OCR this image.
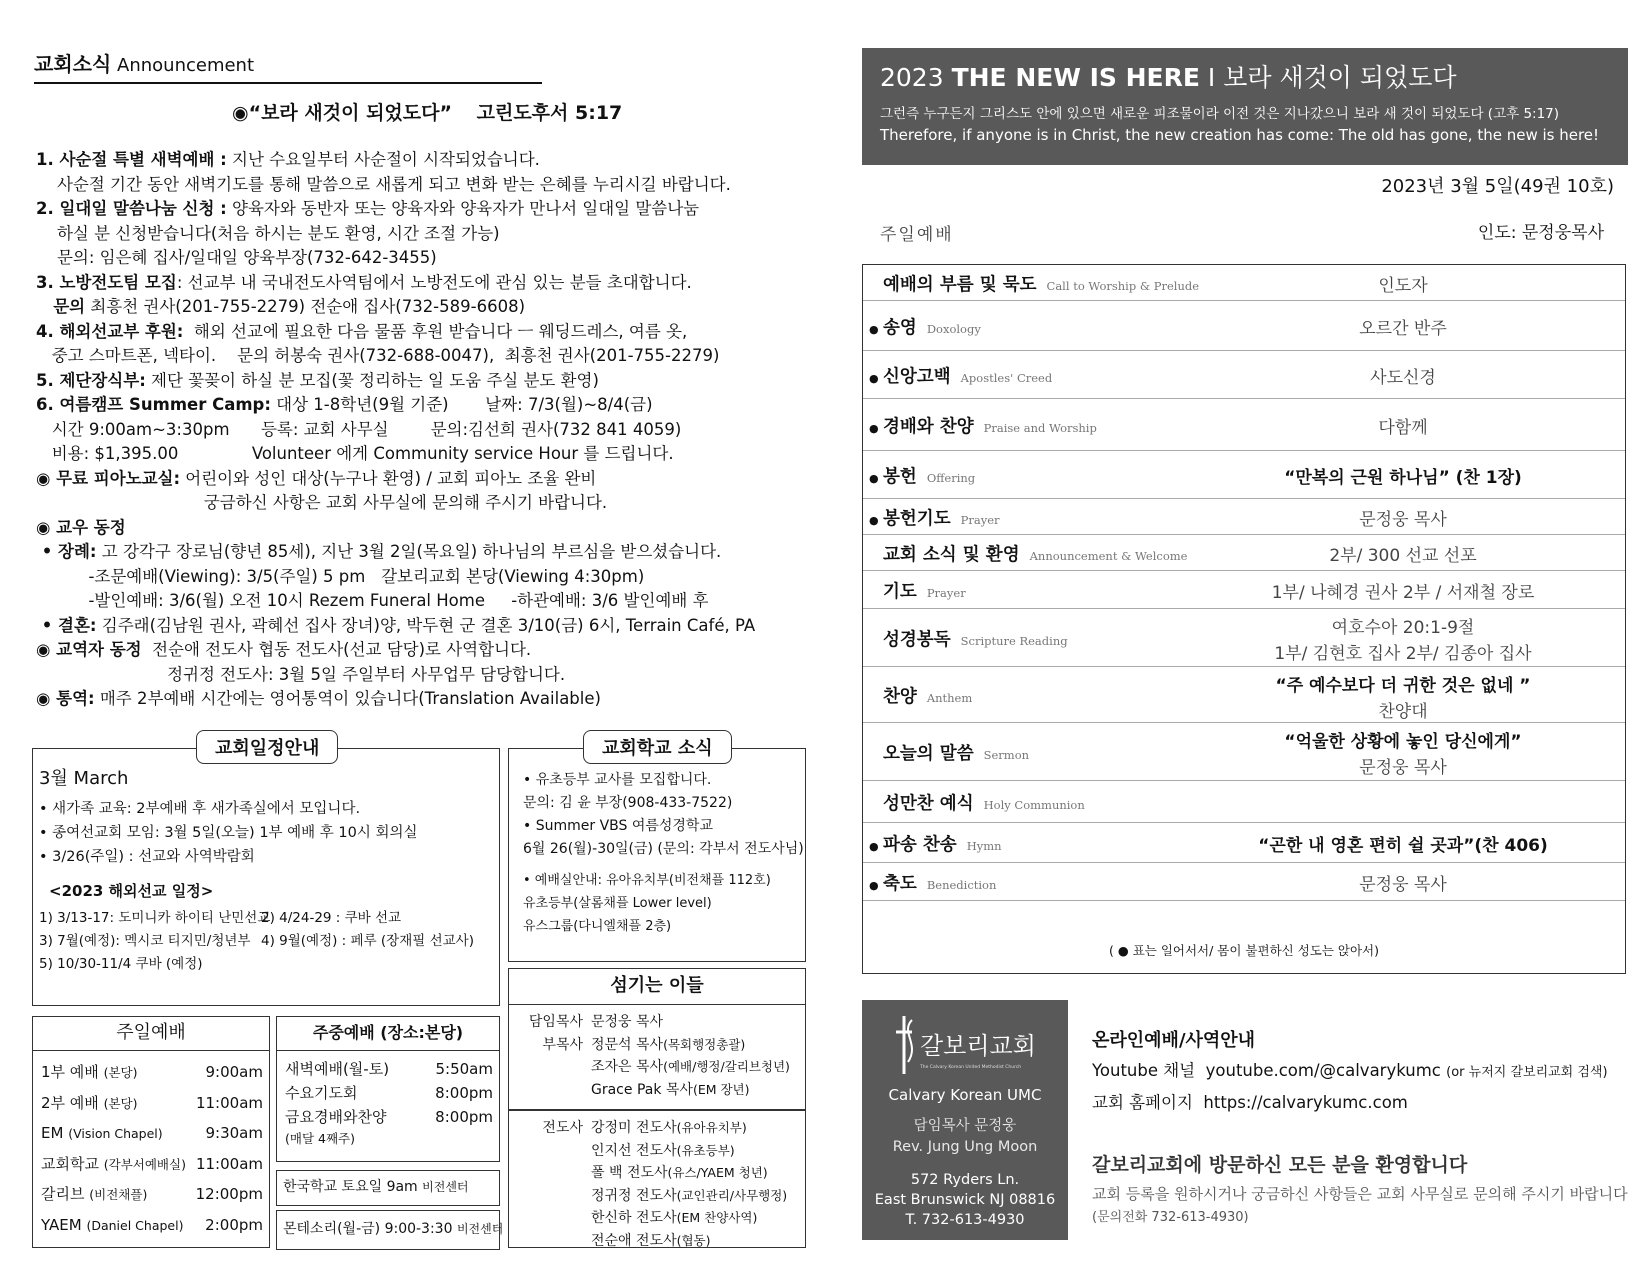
교회소식 Announcement
◉“보라 새것이 되었도다” 고린도후서 5:17
1. 사순절 특별 새벽예배 : 지난 수요일부터 사순절이 시작되었습니다.
사순절 기간 동안 새벽기도를 통해 말씀으로 새롭게 되고 변화 받는 은혜를 누리시길 바랍니다.
2. 일대일 말씀나눔 신청 : 양육자와 동반자 또는 양육자와 양육자가 만나서 일대일 말씀나눔
하실 분 신청받습니다(처음 하시는 분도 환영, 시간 조절 가능)
문의: 임은혜 집사/일대일 양육부장(732-642-3455)
3. 노방전도팀 모집: 선교부 내 국내전도사역팀에서 노방전도에 관심 있는 분들 초대합니다.
문의 최흥천 권사(201-755-2279) 전순애 집사(732-589-6608)
4. 해외선교부 후원:  해외 선교에 필요한 다음 물품 후원 받습니다 ㅡ 웨딩드레스, 여름 옷,
중고 스마트폰, 넥타이.    문의 허봉숙 권사(732-688-0047),  최흥천 권사(201-755-2279)
5. 제단장식부: 제단 꽃꽂이 하실 분 모집(꽃 정리하는 일 도움 주실 분도 환영)
6. 여름캠프 Summer Camp: 대상 1-8학년(9월 기준)       날짜: 7/3(월)~8/4(금)
시간 9:00am~3:30pm      등록: 교회 사무실        문의:김선희 권사(732 841 4059)
비용: $1,395.00              Volunteer 에게 Community service Hour 를 드립니다.
◉ 무료 피아노교실: 어린이와 성인 대상(누구나 환영) / 교회 피아노 조율 완비
궁금하신 사항은 교회 사무실에 문의해 주시기 바랍니다.
◉ 교우 동정
• 장례: 고 강각구 장로님(향년 85세), 지난 3월 2일(목요일) 하나님의 부르심을 받으셨습니다.
-조문예배(Viewing): 3/5(주일) 5 pm   갈보리교회 본당(Viewing 4:30pm)
-발인예배: 3/6(월) 오전 10시 Rezem Funeral Home     -하관예배: 3/6 발인예배 후
• 결혼: 김주래(김남원 권사, 곽혜선 집사 장녀)양, 박두현 군 결혼 3/10(금) 6시, Terrain Café, PA
◉ 교역자 동정  전순애 전도사 협동 전도사(선교 담당)로 사역합니다.
정귀정 전도사: 3월 5일 주일부터 사무업무 담당합니다.
◉ 통역: 매주 2부예배 시간에는 영어통역이 있습니다(Translation Available)
3월 March
• 새가족 교육: 2부예배 후 새가족실에서 모입니다.
• 종여선교회 모임: 3월 5일(오늘) 1부 예배 후 10시 회의실
• 3/26(주일) : 선교와 사역박람회
<2023 해외선교 일정>
1) 3/13-17: 도미니카 하이티 난민선교2) 4/24-29 : 쿠바 선교
3) 7월(예정): 멕시코 티지민/청년부 4) 9월(예정) : 페루 (장재필 선교사)
5) 10/30-11/4 쿠바 (예정)
교회일정안내
• 유초등부 교사를 모집합니다.
문의: 김 윤 부장(908-433-7522)
• Summer VBS 여름성경학교
6월 26(월)-30일(금) (문의: 각부서 전도사님)
• 예배실안내: 유아유치부(비전채플 112호)
유초등부(살롬채플 Lower level)
유스그룹(다니엘채플 2층)
교회학교 소식
섬기는 이들
담임목사 문정웅 목사
부목사 정문석 목사(목회행정총괄)
조자은 목사(예배/행정/갈리브청년)
Grace Pak 목사(EM 장년)
전도사 강정미 전도사(유아유치부)
인지선 전도사(유초등부)
폴 백 전도사(유스/YAEM 청년)
정귀정 전도사(교인관리/사무행정)
한신하 전도사(EM 찬양사역)
전순애 전도사(협동)
주일예배
1부 예배 (본당)	9:00am
2부 예배 (본당)	11:00am
EM (Vision Chapel)	9:30am
교회학교 (각부서예배실) 11:00am
갈리브 (비전채플)	12:00pm
YAEM (Daniel Chapel) 2:00pm
주중예배 (장소:본당)
새벽예배(월-토)	5:50am
수요기도회	8:00pm
금요경배와찬양	8:00pm
(매달 4째주)
한국학교 토요일 9am 비전센터
몬테소리(월-금) 9:00-3:30 비전센터
2023 THE NEW IS HERE I 보라 새것이 되었도다
그런즉 누구든지 그리스도 안에 있으면 새로운 피조물이라 이전 것은 지나갔으니 보라 새 것이 되었도다 (고후 5:17)
Therefore, if anyone is in Christ, the new creation has come: The old has gone, the new is here!
2023년 3월 5일(49권 10호)
주일예배	인도: 문정웅목사
예배의 부름 및 묵도 Call to Worship & Prelude	인도자
● 송영 Doxology	오르간 반주
● 신앙고백 Apostles' Creed	사도신경
● 경배와 찬양 Praise and Worship	다함께
● 봉헌 Offering	“만복의 근원 하나님” (찬 1장)
● 봉헌기도 Prayer	문정웅 목사
교회 소식 및 환영 Announcement & Welcome	2부/ 300 선교 선포
기도 Prayer	1부/ 나혜경 권사 2부 / 서재철 장로
성경봉독 Scripture Reading
여호수아 20:1-9절
1부/ 김현호 집사 2부/ 김종아 집사
찬양 Anthem
“주 예수보다 더 귀한 것은 없네 ”
찬양대
오늘의 말씀 Sermon
“억울한 상황에 놓인 당신에게”
문정웅 목사
성만찬 예식 Holy Communion
● 파송 찬송 Hymn	“곤한 내 영혼 편히 쉴 곳과”(찬 406)
● 축도 Benediction	문정웅 목사
( ● 표는 일어서서/ 몸이 불편하신 성도는 앉아서)
갈보리교회
The Calvary Korean United Methodist Church
Calvary Korean UMC
담임목사 문정웅
Rev. Jung Ung Moon
572 Ryders Ln.
East Brunswick NJ 08816
T. 732-613-4930
온라인예배/사역안내
Youtube 채널 youtube.com/@calvarykumc (or 뉴저지 갈보리교회 검색)
교회 홈페이지 https://calvarykumc.com
갈보리교회에 방문하신 모든 분을 환영합니다
교회 등록을 원하시거나 궁금하신 사항들은 교회 사무실로 문의해 주시기 바랍니다
(문의전화 732-613-4930)
